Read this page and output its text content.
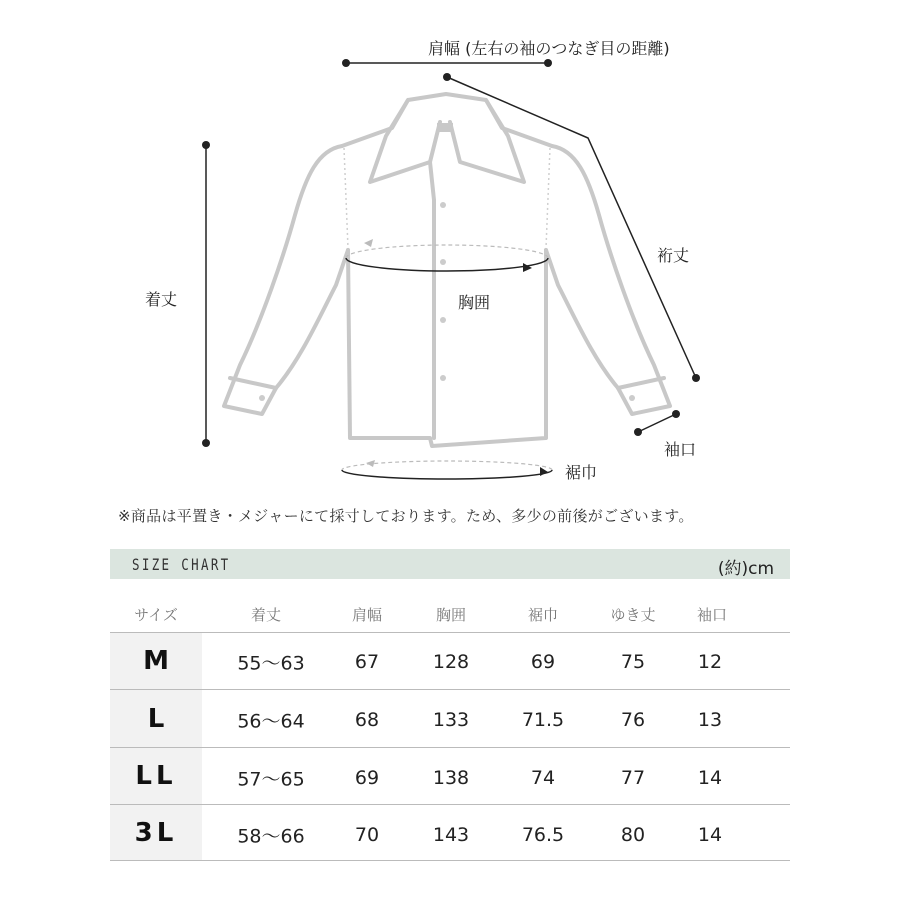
肩幅 (左右の袖のつなぎ目の距離)
裄丈
着丈	胸囲
袖口
裾巾
※商品は平置き・メジャーにて採寸しております。ため、多少の前後がございます。
SIZE CHART	(約)cm
サイズ	着丈	肩幅	胸囲	裾巾	ゆき丈	袖口
M	55〜63	67	128	69	75	12
L	56〜64	68	133	71.5	76	13
LL	57〜65	69	138	74	77	14
3L	58〜66	70	143	76.5	80	14
